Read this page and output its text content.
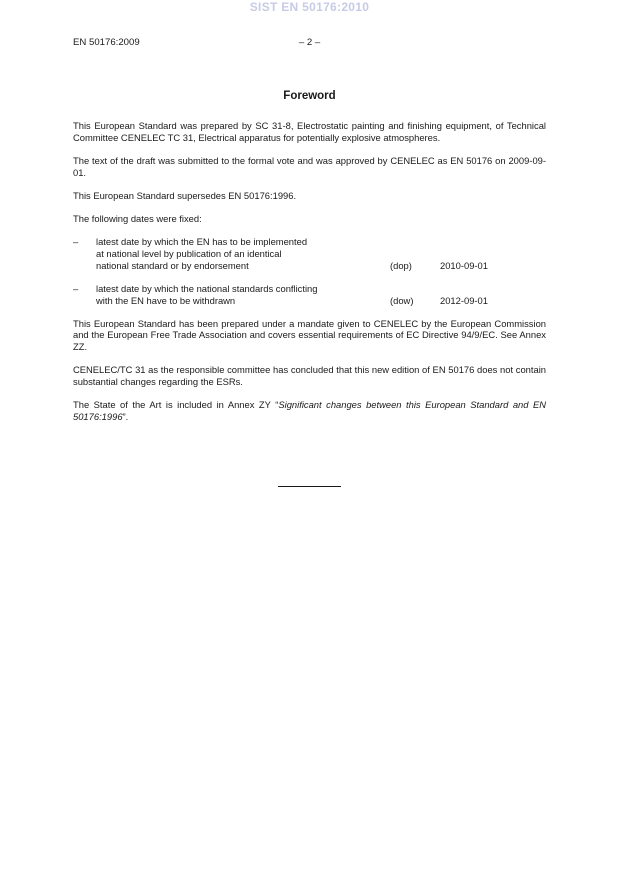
SIST EN 50176:2010
EN 50176:2009	– 2 –
Foreword

This European Standard was prepared by SC 31-8, Electrostatic painting and finishing equipment, of Technical Committee CENELEC TC 31, Electrical apparatus for potentially explosive atmospheres.

The text of the draft was submitted to the formal vote and was approved by CENELEC as EN 50176 on 2009-09-01.

This European Standard supersedes EN 50176:1996.

The following dates were fixed:

– latest date by which the EN has to be implemented
at national level by publication of an identical
national standard or by endorsement	(dop)	2010-09-01
– latest date by which the national standards conflicting
with the EN have to be withdrawn	(dow)	2012-09-01

This European Standard has been prepared under a mandate given to CENELEC by the European Commission and the European Free Trade Association and covers essential requirements of EC Directive 94/9/EC. See Annex ZZ.

CENELEC/TC 31 as the responsible committee has concluded that this new edition of EN 50176 does not contain substantial changes regarding the ESRs.

The State of the Art is included in Annex ZY “Significant changes between this European Standard and EN 50176:1996”.
